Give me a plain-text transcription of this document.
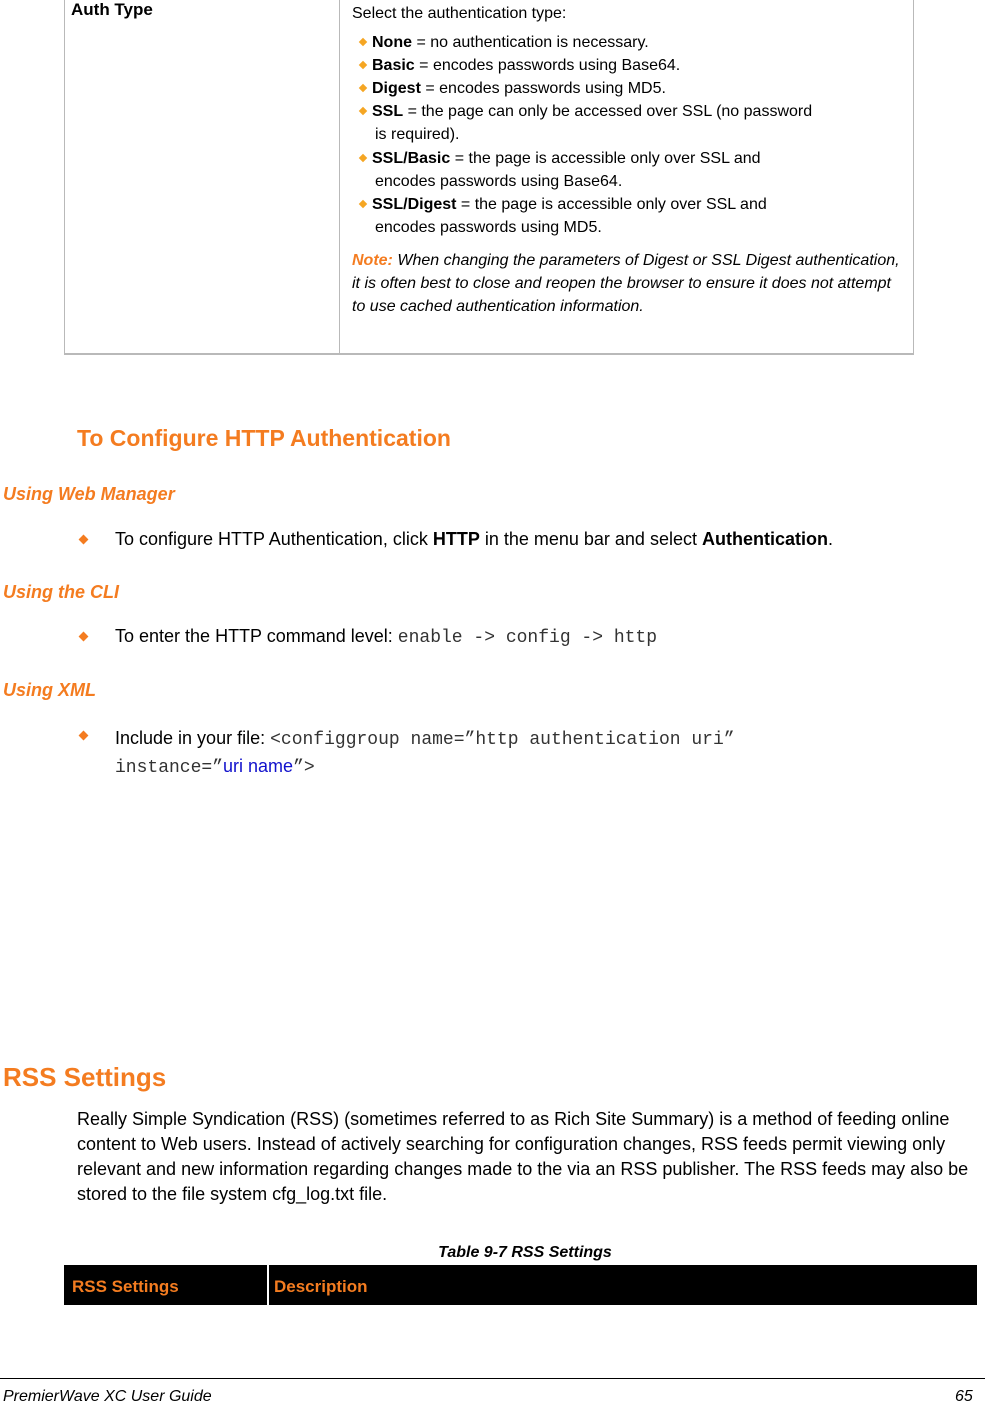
Auth Type	Select the authentication type:
None = no authentication is necessary.
Basic = encodes passwords using Base64.
Digest = encodes passwords using MD5.
SSL = the page can only be accessed over SSL (no password
is required).
SSL/Basic = the page is accessible only over SSL and
encodes passwords using Base64.
SSL/Digest = the page is accessible only over SSL and
encodes passwords using MD5.
Note: When changing the parameters of Digest or SSL Digest authentication, it is often best to close and reopen the browser to ensure it does not attempt to use cached authentication information.
To Configure HTTP Authentication
Using Web Manager
To configure HTTP Authentication, click HTTP in the menu bar and select Authentication.
Using the CLI
To enter the HTTP command level: enable -> config -> http
Using XML
Include in your file: <configgroup name=”http authentication uri”
instance=”uri name”>
RSS Settings
Really Simple Syndication (RSS) (sometimes referred to as Rich Site Summary) is a method of feeding online content to Web users. Instead of actively searching for configuration changes, RSS feeds permit viewing only relevant and new information regarding changes made to the via an RSS publisher. The RSS feeds may also be stored to the file system cfg_log.txt file.
Table 9-7 RSS Settings
RSS Settings	Description
PremierWave XC User Guide	65
